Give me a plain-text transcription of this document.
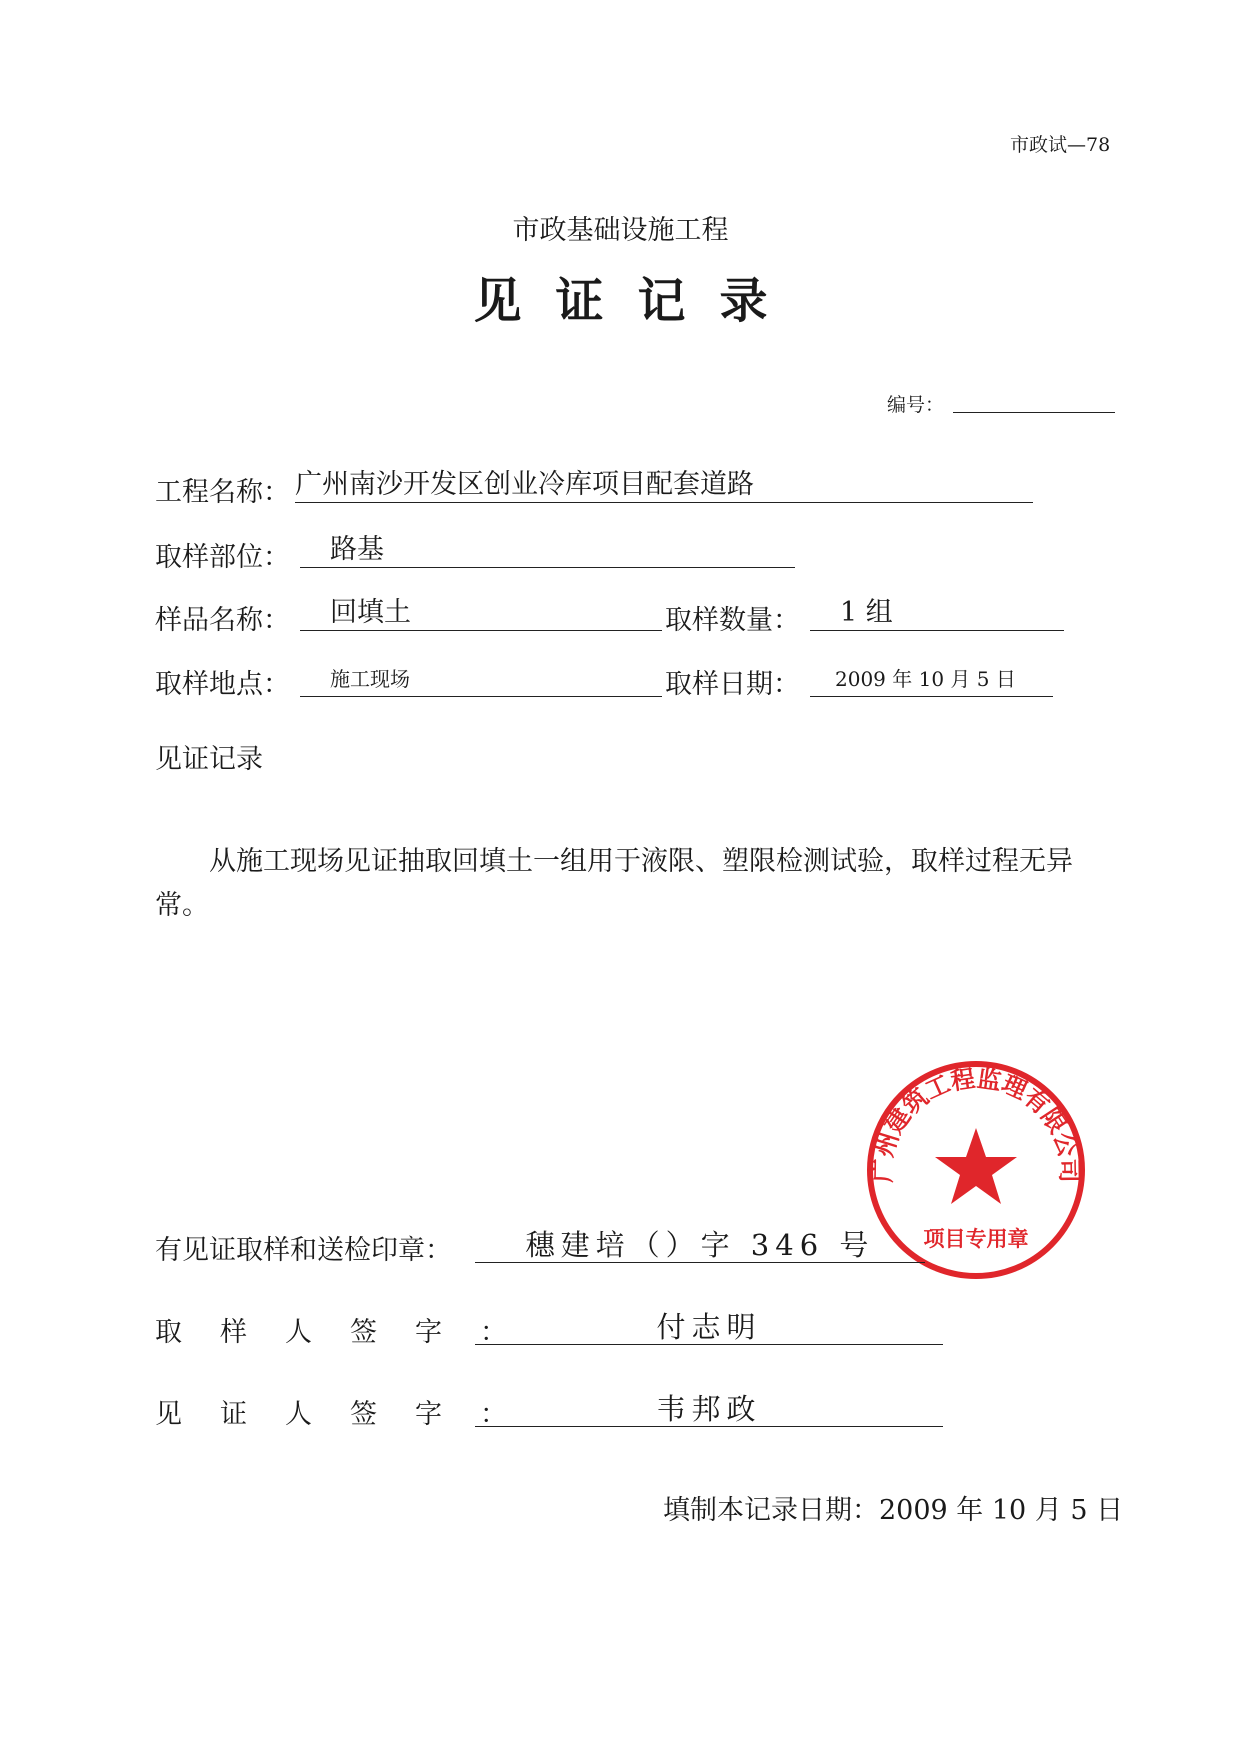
市政试—78
市政基础设施工程
见证记录
编号：
工程名称： 广州南沙开发区创业冷库项目配套道路
取样部位：	路基
样品名称：	回填土	取样数量：	1 组
取样地点：	施工现场	取样日期：	2009 年 10 月 5 日
见证记录
从施工现场见证抽取回填土一组用于液限、塑限检测试验，取样过程无异常。
广州建筑工程监理有限公司
项目专用章
有见证取样和送检印章：	穗建培（）字 346 号
取样人签字：	付志明
见证人签字：	韦邦政
填制本记录日期：2009 年 10 月 5 日
